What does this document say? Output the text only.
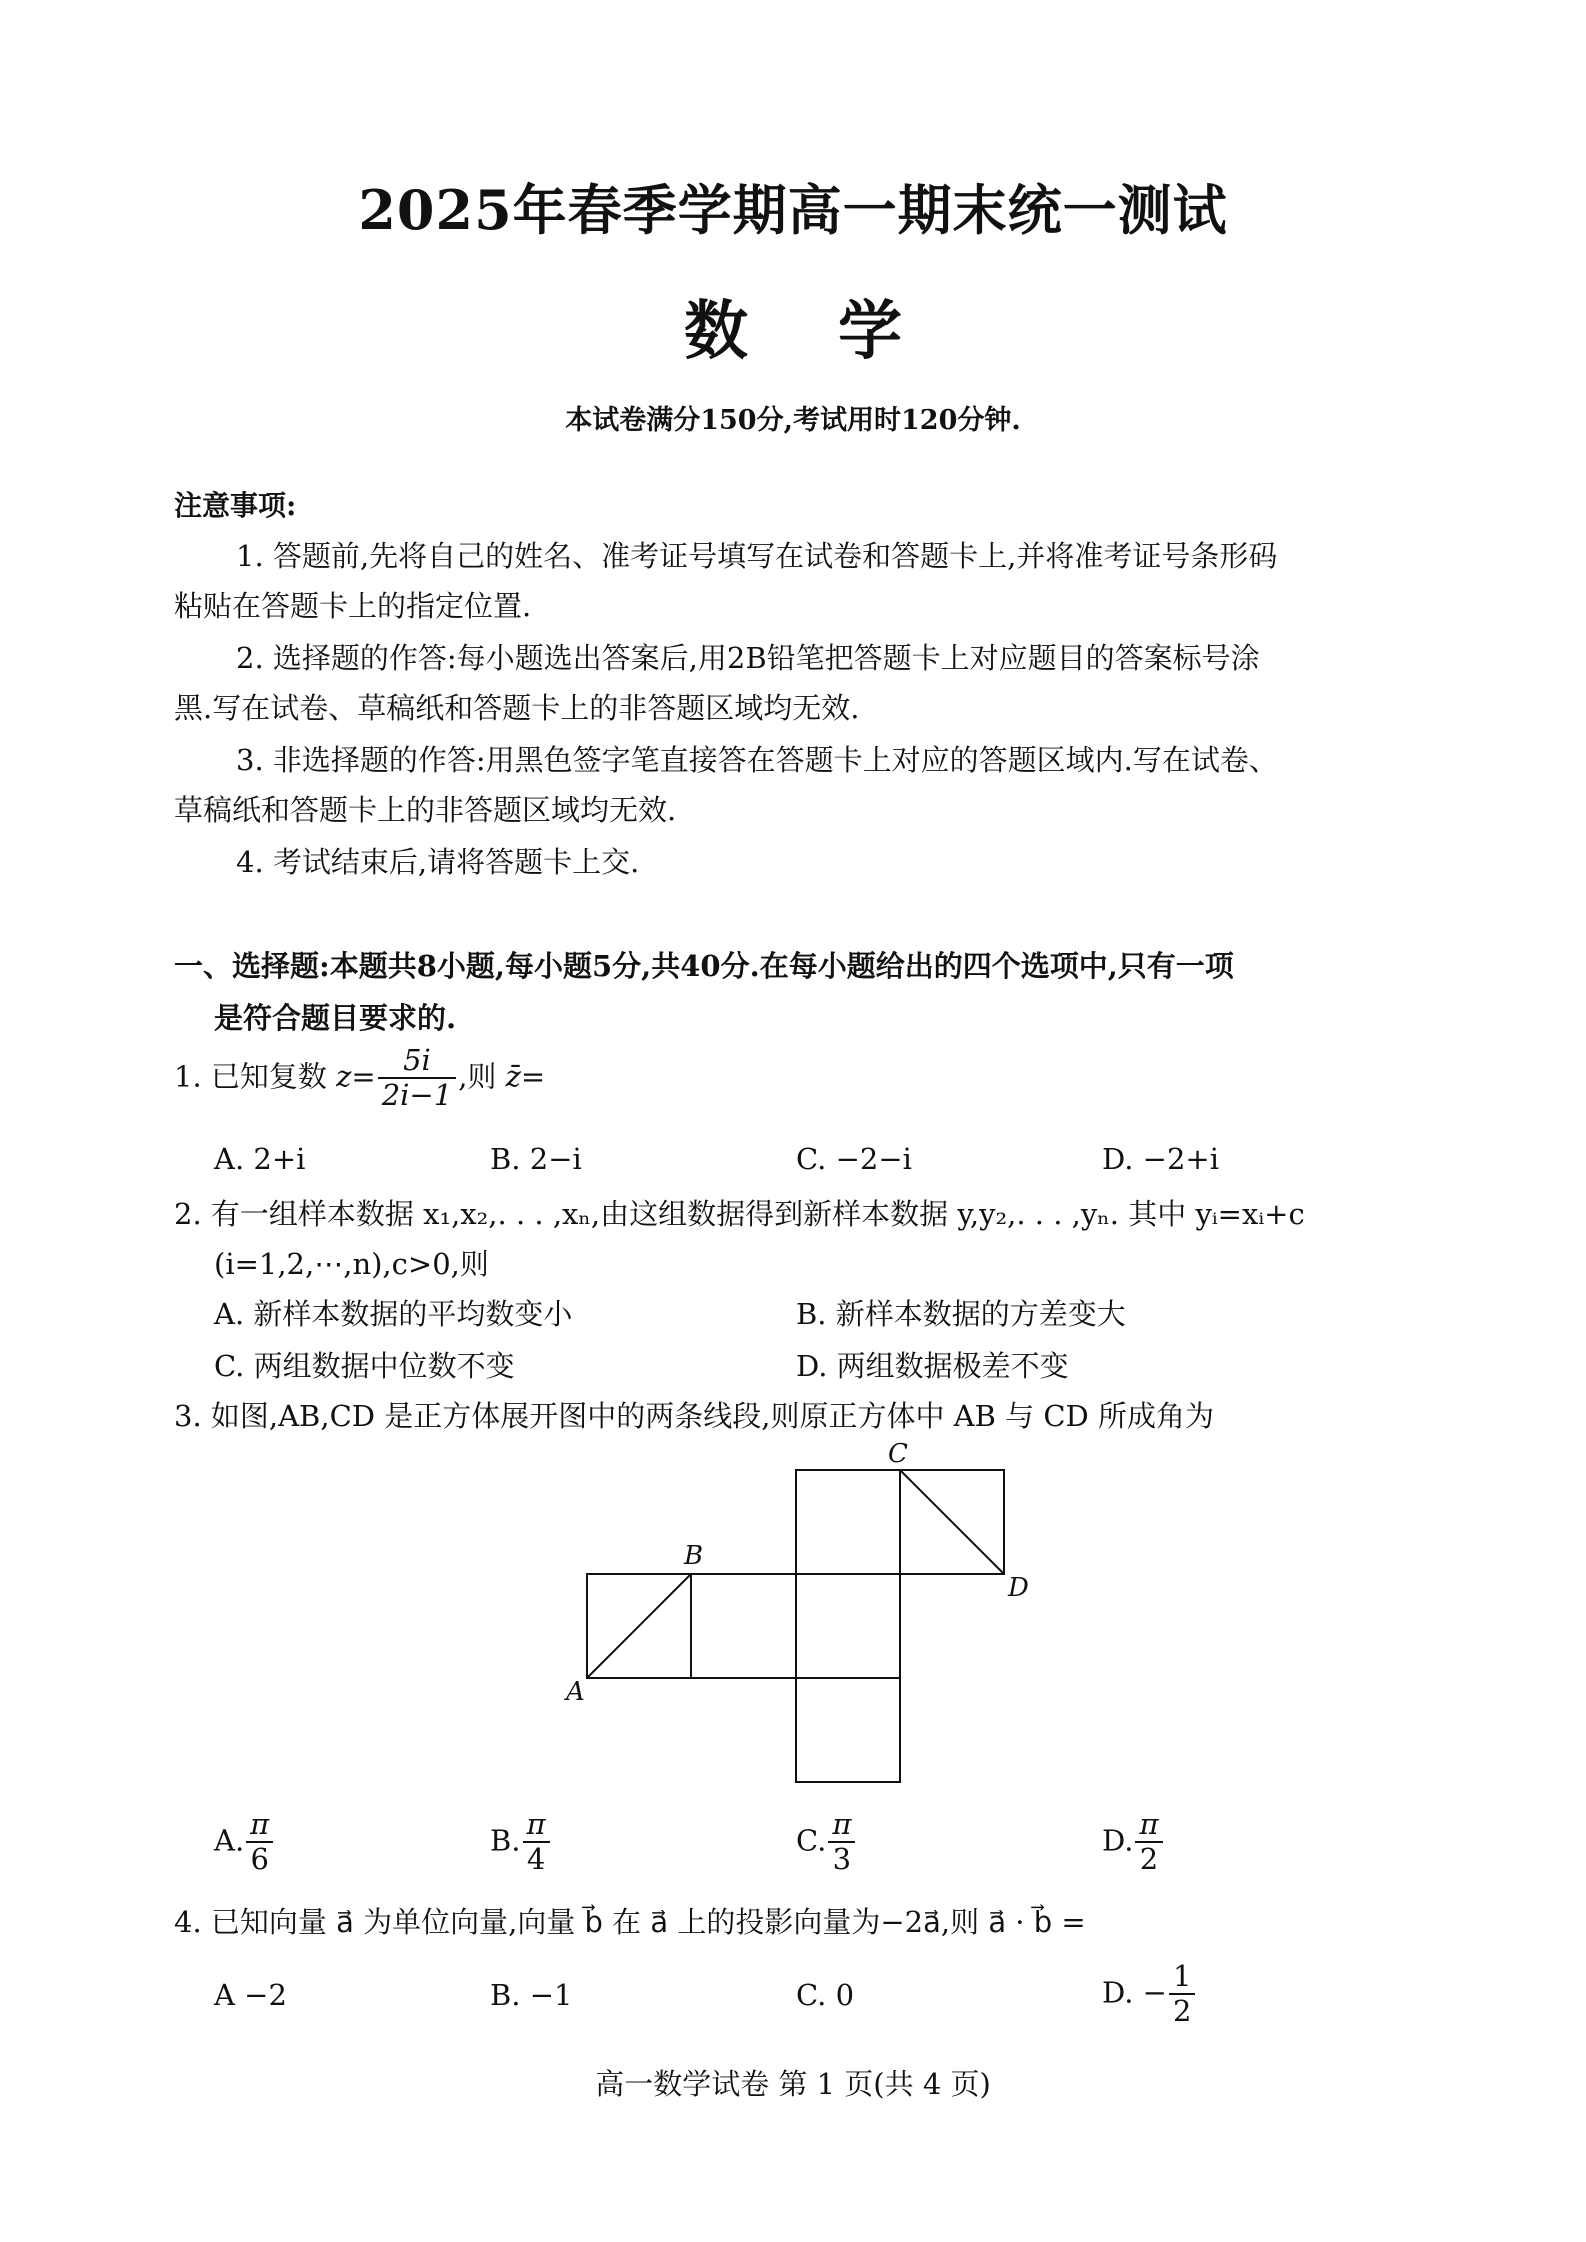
2025年春季学期高一期末统一测试
数学
本试卷满分150分,考试用时120分钟.
注意事项:
1. 答题前,先将自己的姓名、准考证号填写在试卷和答题卡上,并将准考证号条形码
粘贴在答题卡上的指定位置.
2. 选择题的作答:每小题选出答案后,用2B铅笔把答题卡上对应题目的答案标号涂
黑.写在试卷、草稿纸和答题卡上的非答题区域均无效.
3. 非选择题的作答:用黑色签字笔直接答在答题卡上对应的答题区域内.写在试卷、
草稿纸和答题卡上的非答题区域均无效.
4. 考试结束后,请将答题卡上交.
一、选择题:本题共8小题,每小题5分,共40分.在每小题给出的四个选项中,只有一项
是符合题目要求的.
1. 已知复数 $z= \frac{5i}{2i-1}$ ,则 z̄=
A. 2+i	B. 2−i	C. −2−i	D. −2+i
2. 有一组样本数据 x₁,x₂,. . . ,xₙ,由这组数据得到新样本数据 y,y₂,. . . ,yₙ. 其中 yᵢ=xᵢ+c
(i=1,2,⋯,n),c>0,则
A. 新样本数据的平均数变小	B. 新样本数据的方差变大
C. 两组数据中位数不变	D. 两组数据极差不变
3. 如图,AB,CD 是正方体展开图中的两条线段,则原正方体中 AB 与 CD 所成角为
A
B
C
D
A. $\frac{\pi}{6}$	B. $\frac{\pi}{4}$	C. $\frac{\pi}{3}$	D. $\frac{\pi}{2}$
4. 已知向量 a⃗ 为单位向量,向量 b⃗ 在 a⃗ 上的投影向量为−2a⃗,则 a⃗ · b⃗ =
A −2	B. −1	C. 0	D. − $\frac{1}{2}$
高一数学试卷 第 1 页(共 4 页)
